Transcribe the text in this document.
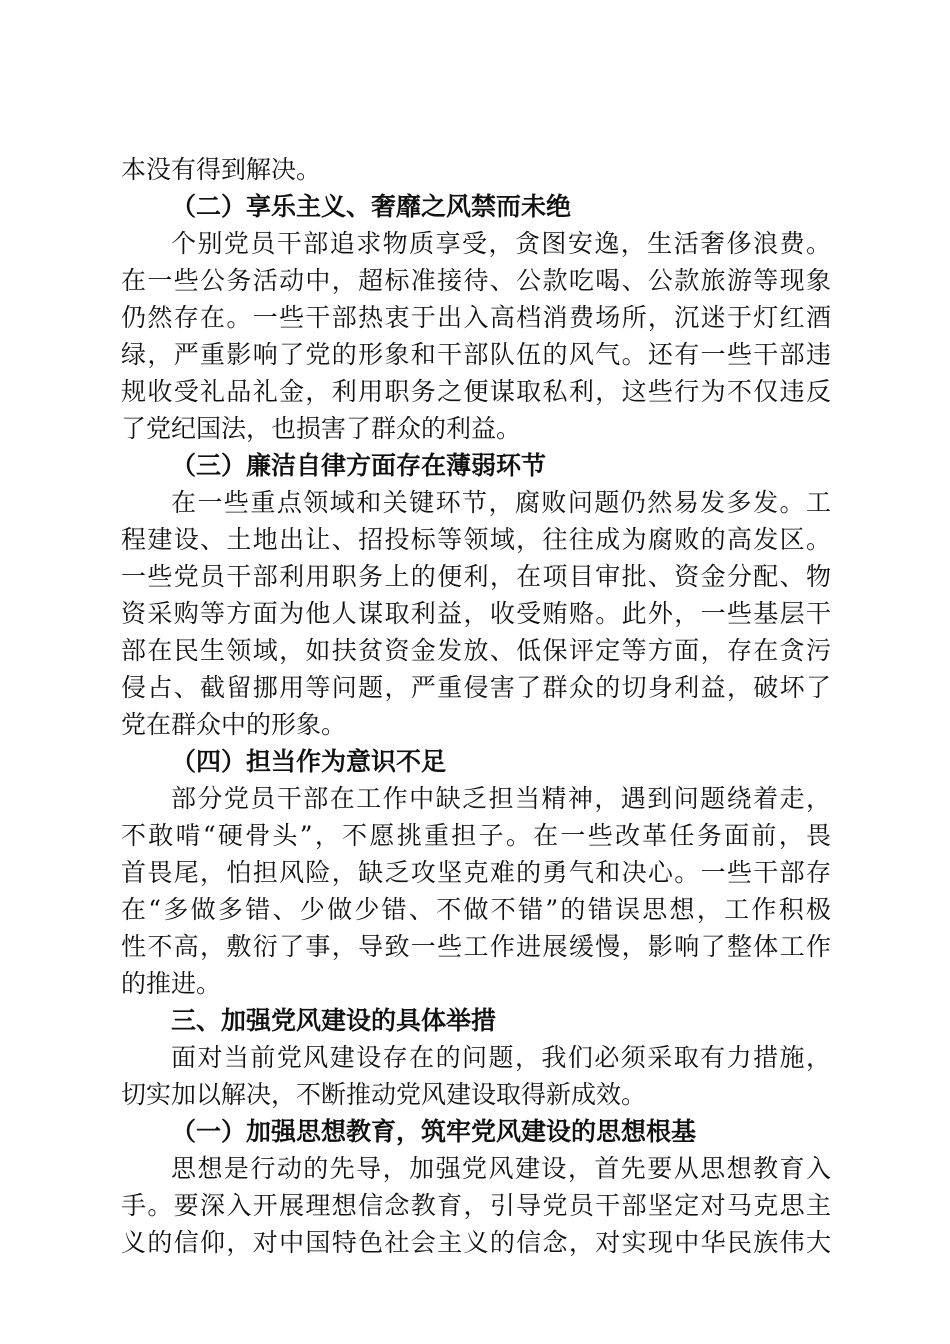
本没有得到解决。
（二）享乐主义、奢靡之风禁而未绝
个别党员干部追求物质享受，贪图安逸，生活奢侈浪费。
在一些公务活动中，超标准接待、公款吃喝、公款旅游等现象
仍然存在。一些干部热衷于出入高档消费场所，沉迷于灯红酒
绿，严重影响了党的形象和干部队伍的风气。还有一些干部违
规收受礼品礼金，利用职务之便谋取私利，这些行为不仅违反
了党纪国法，也损害了群众的利益。
（三）廉洁自律方面存在薄弱环节
在一些重点领域和关键环节，腐败问题仍然易发多发。工
程建设、土地出让、招投标等领域，往往成为腐败的高发区。
一些党员干部利用职务上的便利，在项目审批、资金分配、物
资采购等方面为他人谋取利益，收受贿赂。此外，一些基层干
部在民生领域，如扶贫资金发放、低保评定等方面，存在贪污
侵占、截留挪用等问题，严重侵害了群众的切身利益，破坏了
党在群众中的形象。
（四）担当作为意识不足
部分党员干部在工作中缺乏担当精神，遇到问题绕着走，
不敢啃“硬骨头”，不愿挑重担子。在一些改革任务面前，畏
首畏尾，怕担风险，缺乏攻坚克难的勇气和决心。一些干部存
在“多做多错、少做少错、不做不错”的错误思想，工作积极
性不高，敷衍了事，导致一些工作进展缓慢，影响了整体工作
的推进。
三、加强党风建设的具体举措
面对当前党风建设存在的问题，我们必须采取有力措施，
切实加以解决，不断推动党风建设取得新成效。
（一）加强思想教育，筑牢党风建设的思想根基
思想是行动的先导，加强党风建设，首先要从思想教育入
手。要深入开展理想信念教育，引导党员干部坚定对马克思主
义的信仰，对中国特色社会主义的信念，对实现中华民族伟大
